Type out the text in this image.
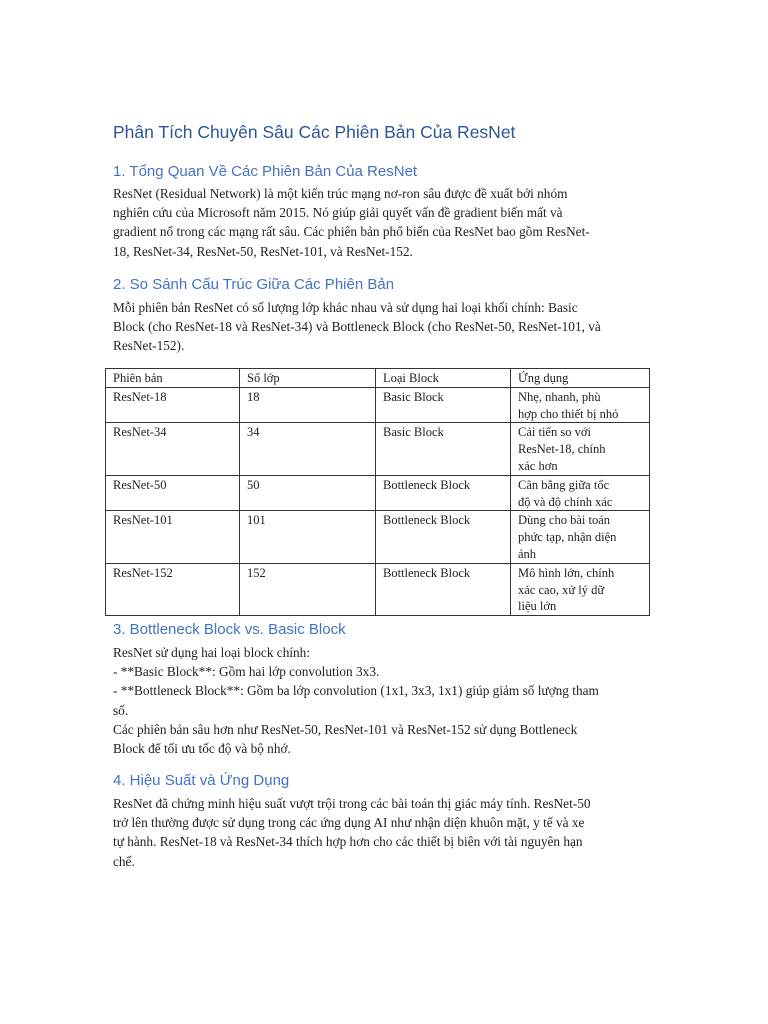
Phân Tích Chuyên Sâu Các Phiên Bản Của ResNet
1. Tổng Quan Về Các Phiên Bản Của ResNet
ResNet (Residual Network) là một kiến trúc mạng nơ-ron sâu được đề xuất bởi nhóm
nghiên cứu của Microsoft năm 2015. Nó giúp giải quyết vấn đề gradient biến mất và
gradient nổ trong các mạng rất sâu. Các phiên bản phổ biến của ResNet bao gồm ResNet-
18, ResNet-34, ResNet-50, ResNet-101, và ResNet-152.
2. So Sánh Cấu Trúc Giữa Các Phiên Bản
Mỗi phiên bản ResNet có số lượng lớp khác nhau và sử dụng hai loại khối chính: Basic
Block (cho ResNet-18 và ResNet-34) và Bottleneck Block (cho ResNet-50, ResNet-101, và
ResNet-152).
Phiên bản	Số lớp	Loại Block	Ứng dụng
ResNet-18	18	Basic Block	Nhẹ, nhanh, phù
hợp cho thiết bị nhỏ

ResNet-34	34	Basic Block	Cải tiến so với
ResNet-18, chính
xác hơn

ResNet-50	50	Bottleneck Block	Cân bằng giữa tốc
độ và độ chính xác

ResNet-101	101	Bottleneck Block	Dùng cho bài toán
phức tạp, nhận diện
ảnh

ResNet-152	152	Bottleneck Block	Mô hình lớn, chính
xác cao, xử lý dữ
liệu lớn
3. Bottleneck Block vs. Basic Block
ResNet sử dụng hai loại block chính:
- **Basic Block**: Gồm hai lớp convolution 3x3.
- **Bottleneck Block**: Gồm ba lớp convolution (1x1, 3x3, 1x1) giúp giảm số lượng tham
số.
Các phiên bản sâu hơn như ResNet-50, ResNet-101 và ResNet-152 sử dụng Bottleneck
Block để tối ưu tốc độ và bộ nhớ.
4. Hiệu Suất và Ứng Dụng
ResNet đã chứng minh hiệu suất vượt trội trong các bài toán thị giác máy tính. ResNet-50
trở lên thường được sử dụng trong các ứng dụng AI như nhận diện khuôn mặt, y tế và xe
tự hành. ResNet-18 và ResNet-34 thích hợp hơn cho các thiết bị biên với tài nguyên hạn
chế.
